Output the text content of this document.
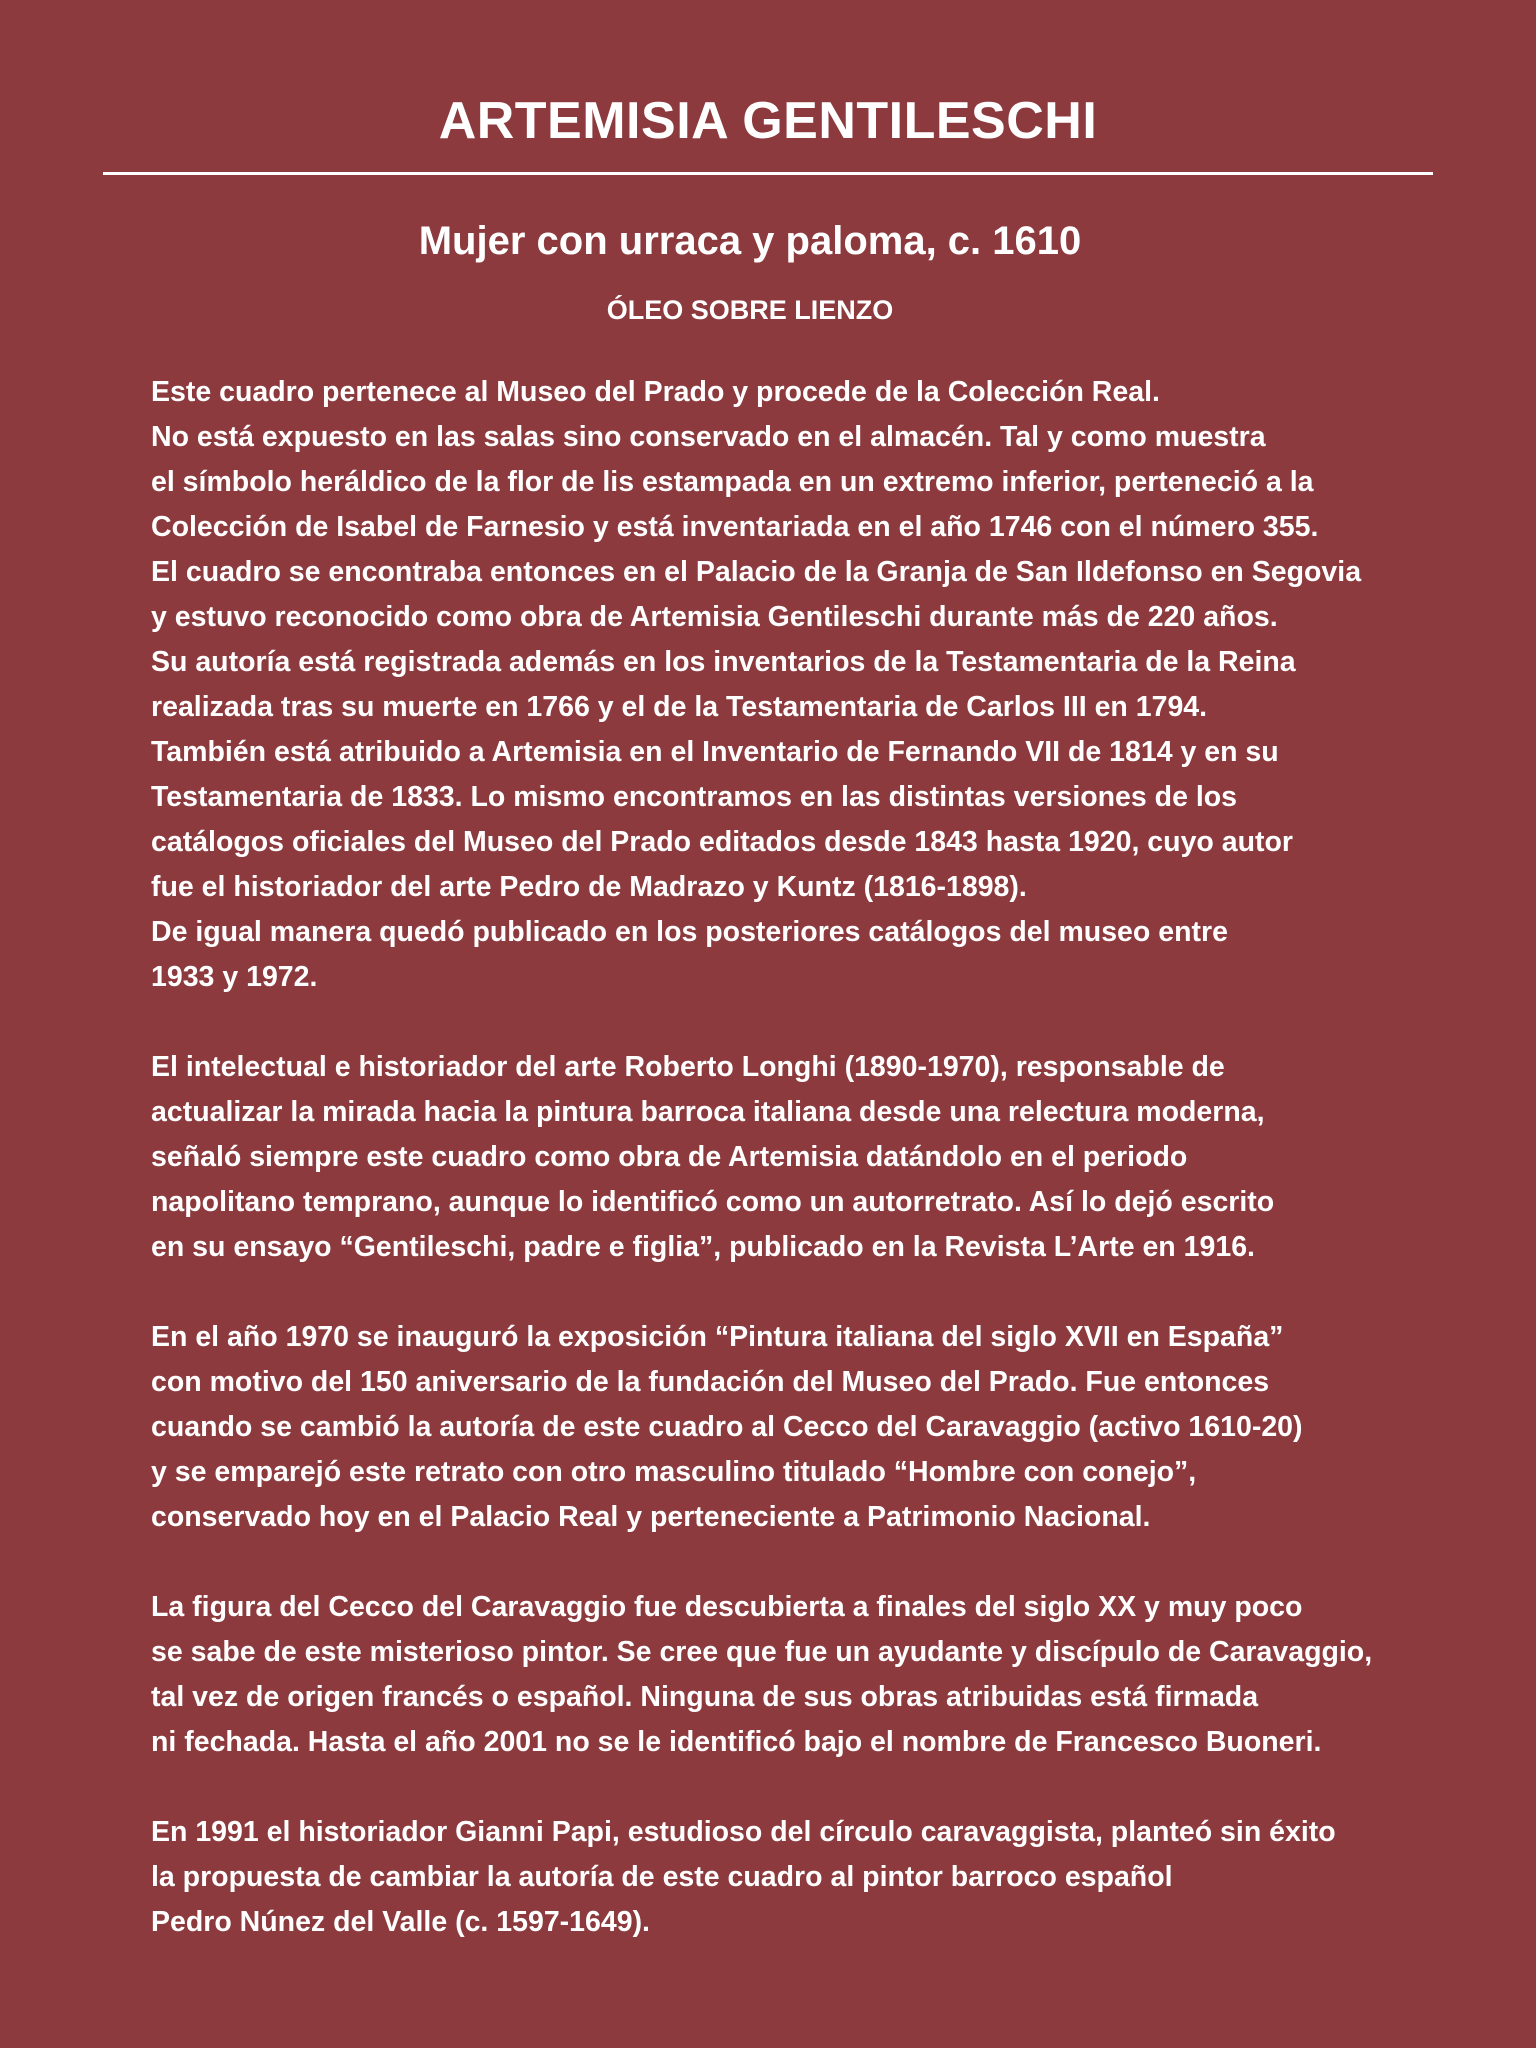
ARTEMISIA GENTILESCHI
Mujer con urraca y paloma, c. 1610
ÓLEO SOBRE LIENZO

Este cuadro pertenece al Museo del Prado y procede de la Colección Real.
No está expuesto en las salas sino conservado en el almacén. Tal y como muestra
el símbolo heráldico de la flor de lis estampada en un extremo inferior, perteneció a la
Colección de Isabel de Farnesio y está inventariada en el año 1746 con el número 355.
El cuadro se encontraba entonces en el Palacio de la Granja de San Ildefonso en Segovia
y estuvo reconocido como obra de Artemisia Gentileschi durante más de 220 años.
Su autoría está registrada además en los inventarios de la Testamentaria de la Reina
realizada tras su muerte en 1766 y el de la Testamentaria de Carlos III en 1794.
También está atribuido a Artemisia en el Inventario de Fernando VII de 1814 y en su
Testamentaria de 1833. Lo mismo encontramos en las distintas versiones de los
catálogos oficiales del Museo del Prado editados desde 1843 hasta 1920, cuyo autor
fue el historiador del arte Pedro de Madrazo y Kuntz (1816-1898).
De igual manera quedó publicado en los posteriores catálogos del museo entre
1933 y 1972.

El intelectual e historiador del arte Roberto Longhi (1890-1970), responsable de
actualizar la mirada hacia la pintura barroca italiana desde una relectura moderna,
señaló siempre este cuadro como obra de Artemisia datándolo en el periodo
napolitano temprano, aunque lo identificó como un autorretrato. Así lo dejó escrito
en su ensayo “Gentileschi, padre e figlia”, publicado en la Revista L’Arte en 1916.

En el año 1970 se inauguró la exposición “Pintura italiana del siglo XVII en España”
con motivo del 150 aniversario de la fundación del Museo del Prado. Fue entonces
cuando se cambió la autoría de este cuadro al Cecco del Caravaggio (activo 1610-20)
y se emparejó este retrato con otro masculino titulado “Hombre con conejo”,
conservado hoy en el Palacio Real y perteneciente a Patrimonio Nacional.

La figura del Cecco del Caravaggio fue descubierta a finales del siglo XX y muy poco
se sabe de este misterioso pintor. Se cree que fue un ayudante y discípulo de Caravaggio,
tal vez de origen francés o español. Ninguna de sus obras atribuidas está firmada
ni fechada. Hasta el año 2001 no se le identificó bajo el nombre de Francesco Buoneri.

En 1991 el historiador Gianni Papi, estudioso del círculo caravaggista, planteó sin éxito
la propuesta de cambiar la autoría de este cuadro al pintor barroco español
Pedro Núnez del Valle (c. 1597-1649).
